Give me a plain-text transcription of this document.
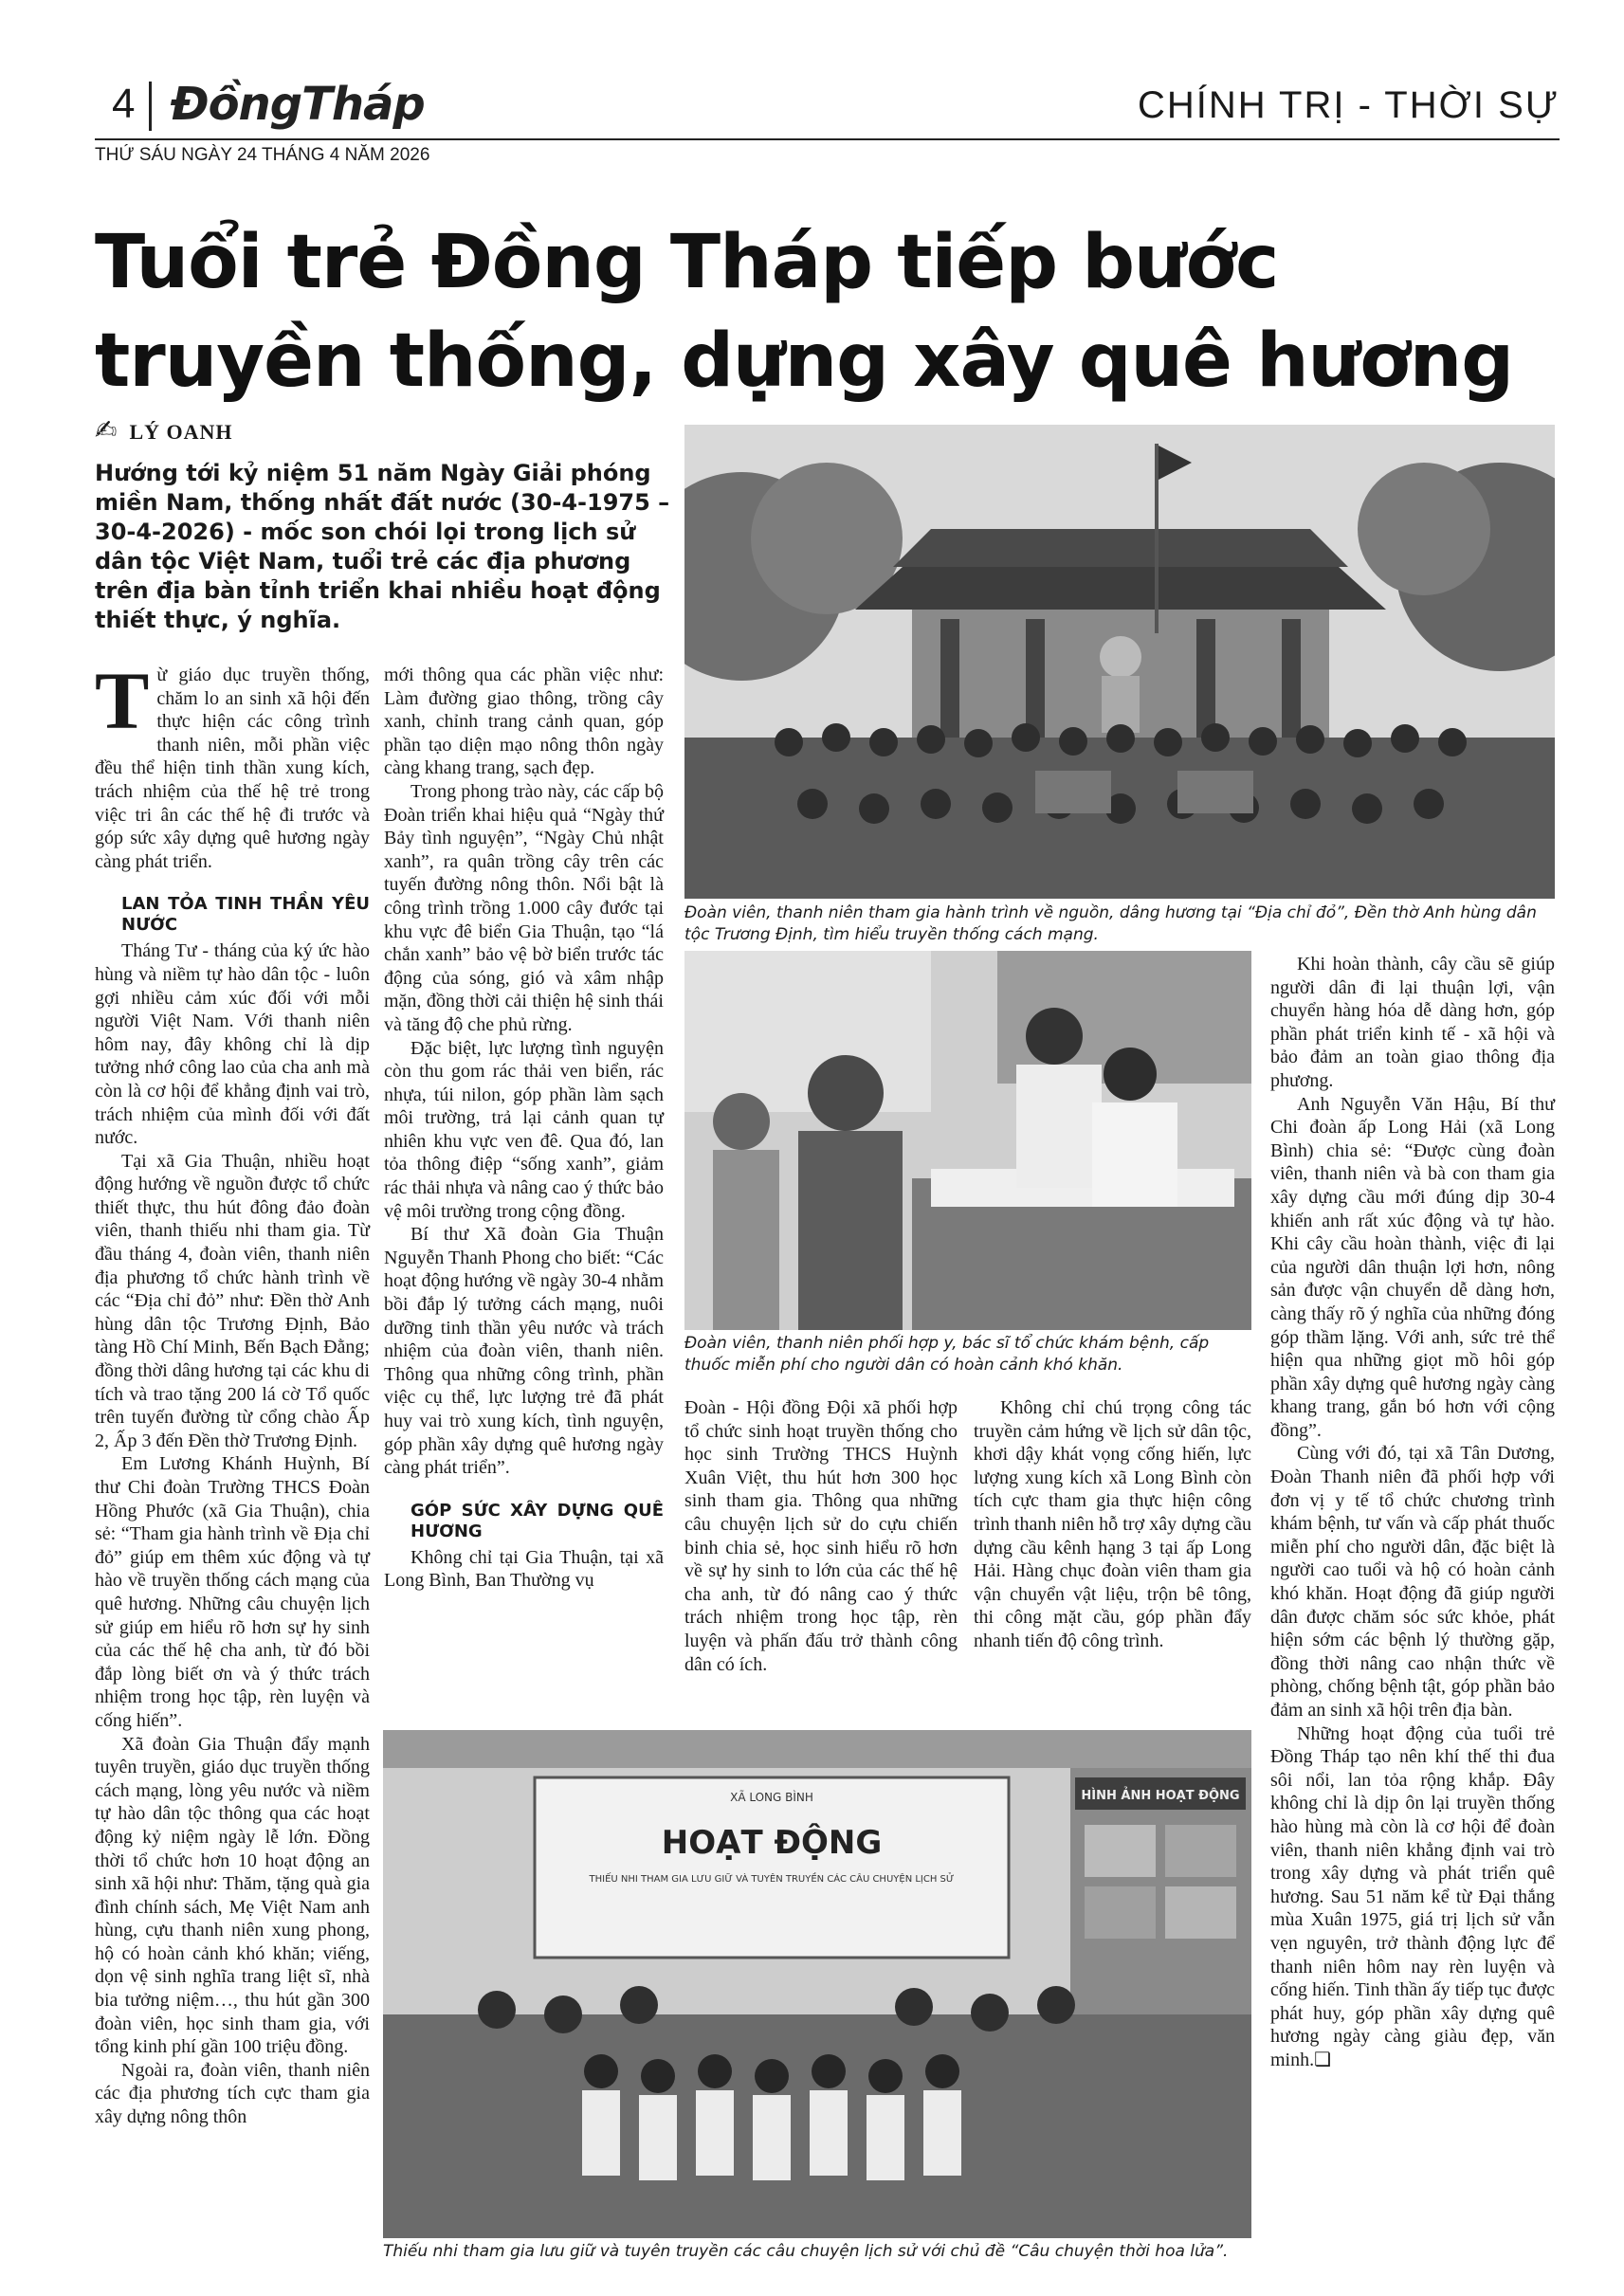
4 ĐồngTháp	CHÍNH TRỊ - THỜI SỰ
THỨ SÁU NGÀY 24 THÁNG 4 NĂM 2026
Tuổi trẻ Đồng Tháp tiếp bước
truyền thống, dựng xây quê hương
✍ LÝ OANH
Hướng tới kỷ niệm 51 năm Ngày Giải phóng miền Nam, thống nhất đất nước (30-4-1975 – 30-4-2026) - mốc son chói lọi trong lịch sử dân tộc Việt Nam, tuổi trẻ các địa phương trên địa bàn tỉnh triển khai nhiều hoạt động thiết thực, ý nghĩa.
Đoàn viên, thanh niên tham gia hành trình về nguồn, dâng hương tại “Địa chỉ đỏ”, Đền thờ Anh hùng dân tộc Trương Định, tìm hiểu truyền thống cách mạng.
Đoàn viên, thanh niên phối hợp y, bác sĩ tổ chức khám bệnh, cấp thuốc miễn phí cho người dân có hoàn cảnh khó khăn.
XÃ LONG BÌNH
HOẠT ĐỘNG
THIẾU NHI THAM GIA LƯU GIỮ VÀ TUYÊN TRUYỀN CÁC CÂU CHUYỆN LỊCH SỬ
HÌNH ẢNH HOẠT ĐỘNG
Thiếu nhi tham gia lưu giữ và tuyên truyền các câu chuyện lịch sử với chủ đề “Câu chuyện thời hoa lửa”.

Từ giáo dục truyền thống, chăm lo an sinh xã hội đến thực hiện các công trình thanh niên, mỗi phần việc đều thể hiện tinh thần xung kích, trách nhiệm của thế hệ trẻ trong việc tri ân các thế hệ đi trước và góp sức xây dựng quê hương ngày càng phát triển.

LAN TỎA TINH THẦN YÊU NƯỚC

Tháng Tư - tháng của ký ức hào hùng và niềm tự hào dân tộc - luôn gợi nhiều cảm xúc đối với mỗi người Việt Nam. Với thanh niên hôm nay, đây không chỉ là dịp tưởng nhớ công lao của cha anh mà còn là cơ hội để khẳng định vai trò, trách nhiệm của mình đối với đất nước.

Tại xã Gia Thuận, nhiều hoạt động hướng về nguồn được tổ chức thiết thực, thu hút đông đảo đoàn viên, thanh thiếu nhi tham gia. Từ đầu tháng 4, đoàn viên, thanh niên địa phương tổ chức hành trình về các “Địa chỉ đỏ” như: Đền thờ Anh hùng dân tộc Trương Định, Bảo tàng Hồ Chí Minh, Bến Bạch Đằng; đồng thời dâng hương tại các khu di tích và trao tặng 200 lá cờ Tổ quốc trên tuyến đường từ cổng chào Ấp 2, Ấp 3 đến Đền thờ Trương Định.

Em Lương Khánh Huỳnh, Bí thư Chi đoàn Trường THCS Đoàn Hồng Phước (xã Gia Thuận), chia sẻ: “Tham gia hành trình về Địa chỉ đỏ” giúp em thêm xúc động và tự hào về truyền thống cách mạng của quê hương. Những câu chuyện lịch sử giúp em hiểu rõ hơn sự hy sinh của các thế hệ cha anh, từ đó bồi đắp lòng biết ơn và ý thức trách nhiệm trong học tập, rèn luyện và cống hiến”.

Xã đoàn Gia Thuận đẩy mạnh tuyên truyền, giáo dục truyền thống cách mạng, lòng yêu nước và niềm tự hào dân tộc thông qua các hoạt động kỷ niệm ngày lễ lớn. Đồng thời tổ chức hơn 10 hoạt động an sinh xã hội như: Thăm, tặng quà gia đình chính sách, Mẹ Việt Nam anh hùng, cựu thanh niên xung phong, hộ có hoàn cảnh khó khăn; viếng, dọn vệ sinh nghĩa trang liệt sĩ, nhà bia tưởng niệm…, thu hút gần 300 đoàn viên, học sinh tham gia, với tổng kinh phí gần 100 triệu đồng.

Ngoài ra, đoàn viên, thanh niên các địa phương tích cực tham gia xây dựng nông thôn

mới thông qua các phần việc như: Làm đường giao thông, trồng cây xanh, chỉnh trang cảnh quan, góp phần tạo diện mạo nông thôn ngày càng khang trang, sạch đẹp.

Trong phong trào này, các cấp bộ Đoàn triển khai hiệu quả “Ngày thứ Bảy tình nguyện”, “Ngày Chủ nhật xanh”, ra quân trồng cây trên các tuyến đường nông thôn. Nổi bật là công trình trồng 1.000 cây đước tại khu vực đê biển Gia Thuận, tạo “lá chắn xanh” bảo vệ bờ biển trước tác động của sóng, gió và xâm nhập mặn, đồng thời cải thiện hệ sinh thái và tăng độ che phủ rừng.

Đặc biệt, lực lượng tình nguyện còn thu gom rác thải ven biển, rác nhựa, túi nilon, góp phần làm sạch môi trường, trả lại cảnh quan tự nhiên khu vực ven đê. Qua đó, lan tỏa thông điệp “sống xanh”, giảm rác thải nhựa và nâng cao ý thức bảo vệ môi trường trong cộng đồng.

Bí thư Xã đoàn Gia Thuận Nguyễn Thanh Phong cho biết: “Các hoạt động hướng về ngày 30-4 nhằm bồi đắp lý tưởng cách mạng, nuôi dưỡng tinh thần yêu nước và trách nhiệm của đoàn viên, thanh niên. Thông qua những công trình, phần việc cụ thể, lực lượng trẻ đã phát huy vai trò xung kích, tình nguyện, góp phần xây dựng quê hương ngày càng phát triển”.

GÓP SỨC XÂY DỰNG QUÊ HƯƠNG

Không chỉ tại Gia Thuận, tại xã Long Bình, Ban Thường vụ

Đoàn - Hội đồng Đội xã phối hợp tổ chức sinh hoạt truyền thống cho học sinh Trường THCS Huỳnh Xuân Việt, thu hút hơn 300 học sinh tham gia. Thông qua những câu chuyện lịch sử do cựu chiến binh chia sẻ, học sinh hiểu rõ hơn về sự hy sinh to lớn của các thế hệ cha anh, từ đó nâng cao ý thức trách nhiệm trong học tập, rèn luyện và phấn đấu trở thành công dân có ích.

Không chỉ chú trọng công tác truyền cảm hứng về lịch sử dân tộc, khơi dậy khát vọng cống hiến, lực lượng xung kích xã Long Bình còn tích cực tham gia thực hiện công trình thanh niên hỗ trợ xây dựng cầu dựng cầu kênh hạng 3 tại ấp Long Hải. Hàng chục đoàn viên tham gia vận chuyển vật liệu, trộn bê tông, thi công mặt cầu, góp phần đẩy nhanh tiến độ công trình.

Khi hoàn thành, cây cầu sẽ giúp người dân đi lại thuận lợi, vận chuyển hàng hóa dễ dàng hơn, góp phần phát triển kinh tế - xã hội và bảo đảm an toàn giao thông địa phương.

Anh Nguyễn Văn Hậu, Bí thư Chi đoàn ấp Long Hải (xã Long Bình) chia sẻ: “Được cùng đoàn viên, thanh niên và bà con tham gia xây dựng cầu mới đúng dịp 30-4 khiến anh rất xúc động và tự hào. Khi cây cầu hoàn thành, việc đi lại của người dân thuận lợi hơn, nông sản được vận chuyển dễ dàng hơn, càng thấy rõ ý nghĩa của những đóng góp thầm lặng. Với anh, sức trẻ thể hiện qua những giọt mồ hôi góp phần xây dựng quê hương ngày càng khang trang, gắn bó hơn với cộng đồng”.

Cùng với đó, tại xã Tân Dương, Đoàn Thanh niên đã phối hợp với đơn vị y tế tổ chức chương trình khám bệnh, tư vấn và cấp phát thuốc miễn phí cho người dân, đặc biệt là người cao tuổi và hộ có hoàn cảnh khó khăn. Hoạt động đã giúp người dân được chăm sóc sức khỏe, phát hiện sớm các bệnh lý thường gặp, đồng thời nâng cao nhận thức về phòng, chống bệnh tật, góp phần bảo đảm an sinh xã hội trên địa bàn.

Những hoạt động của tuổi trẻ Đồng Tháp tạo nên khí thế thi đua sôi nổi, lan tỏa rộng khắp. Đây không chỉ là dịp ôn lại truyền thống hào hùng mà còn là cơ hội để đoàn viên, thanh niên khẳng định vai trò trong xây dựng và phát triển quê hương. Sau 51 năm kể từ Đại thắng mùa Xuân 1975, giá trị lịch sử vẫn vẹn nguyên, trở thành động lực để thanh niên hôm nay rèn luyện và cống hiến. Tinh thần ấy tiếp tục được phát huy, góp phần xây dựng quê hương ngày càng giàu đẹp, văn minh.❏
